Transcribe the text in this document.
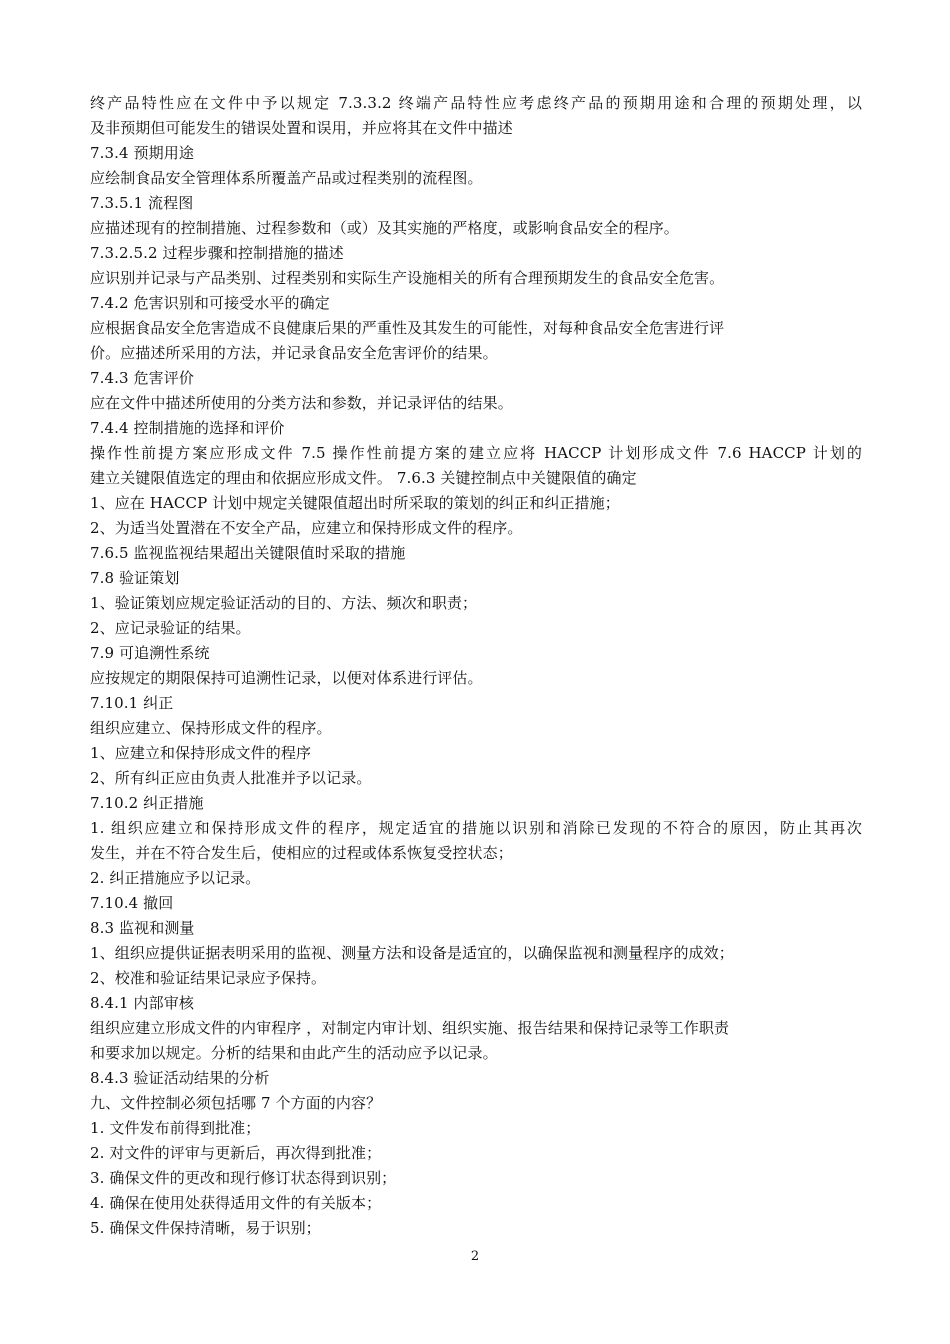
终产品特性应在文件中予以规定 7.3.3.2 终端产品特性应考虑终产品的预期用途和合理的预期处理，以
及非预期但可能发生的错误处置和误用，并应将其在文件中描述
7.3.4 预期用途
应绘制食品安全管理体系所覆盖产品或过程类别的流程图。
7.3.5.1 流程图
应描述现有的控制措施、过程参数和（或）及其实施的严格度，或影响食品安全的程序。
7.3.2.5.2 过程步骤和控制措施的描述
应识别并记录与产品类别、过程类别和实际生产设施相关的所有合理预期发生的食品安全危害。
7.4.2 危害识别和可接受水平的确定
应根据食品安全危害造成不良健康后果的严重性及其发生的可能性，对每种食品安全危害进行评
价。应描述所采用的方法，并记录食品安全危害评价的结果。
7.4.3 危害评价
应在文件中描述所使用的分类方法和参数，并记录评估的结果。
7.4.4 控制措施的选择和评价
操作性前提方案应形成文件 7.5 操作性前提方案的建立应将 HACCP 计划形成文件 7.6 HACCP 计划的
建立关键限值选定的理由和依据应形成文件。 7.6.3 关键控制点中关键限值的确定
1、应在 HACCP 计划中规定关键限值超出时所采取的策划的纠正和纠正措施；
2、为适当处置潜在不安全产品，应建立和保持形成文件的程序。
7.6.5 监视监视结果超出关键限值时采取的措施
7.8 验证策划
1、验证策划应规定验证活动的目的、方法、频次和职责；
2、应记录验证的结果。
7.9 可追溯性系统
应按规定的期限保持可追溯性记录，以便对体系进行评估。
7.10.1 纠正
组织应建立、保持形成文件的程序。
1、应建立和保持形成文件的程序
2、所有纠正应由负责人批准并予以记录。
7.10.2 纠正措施
1. 组织应建立和保持形成文件的程序，规定适宜的措施以识别和消除已发现的不符合的原因，防止其再次
发生，并在不符合发生后，使相应的过程或体系恢复受控状态；
2. 纠正措施应予以记录。
7.10.4 撤回
8.3 监视和测量
1、组织应提供证据表明采用的监视、测量方法和设备是适宜的，以确保监视和测量程序的成效；
2、校准和验证结果记录应予保持。
8.4.1 内部审核
组织应建立形成文件的内审程序 ，对制定内审计划、组织实施、报告结果和保持记录等工作职责
和要求加以规定。分析的结果和由此产生的活动应予以记录。
8.4.3 验证活动结果的分析
九、文件控制必须包括哪 7 个方面的内容？
1. 文件发布前得到批准；
2. 对文件的评审与更新后，再次得到批准；
3. 确保文件的更改和现行修订状态得到识别；
4. 确保在使用处获得适用文件的有关版本；
5. 确保文件保持清晰，易于识别；
2
